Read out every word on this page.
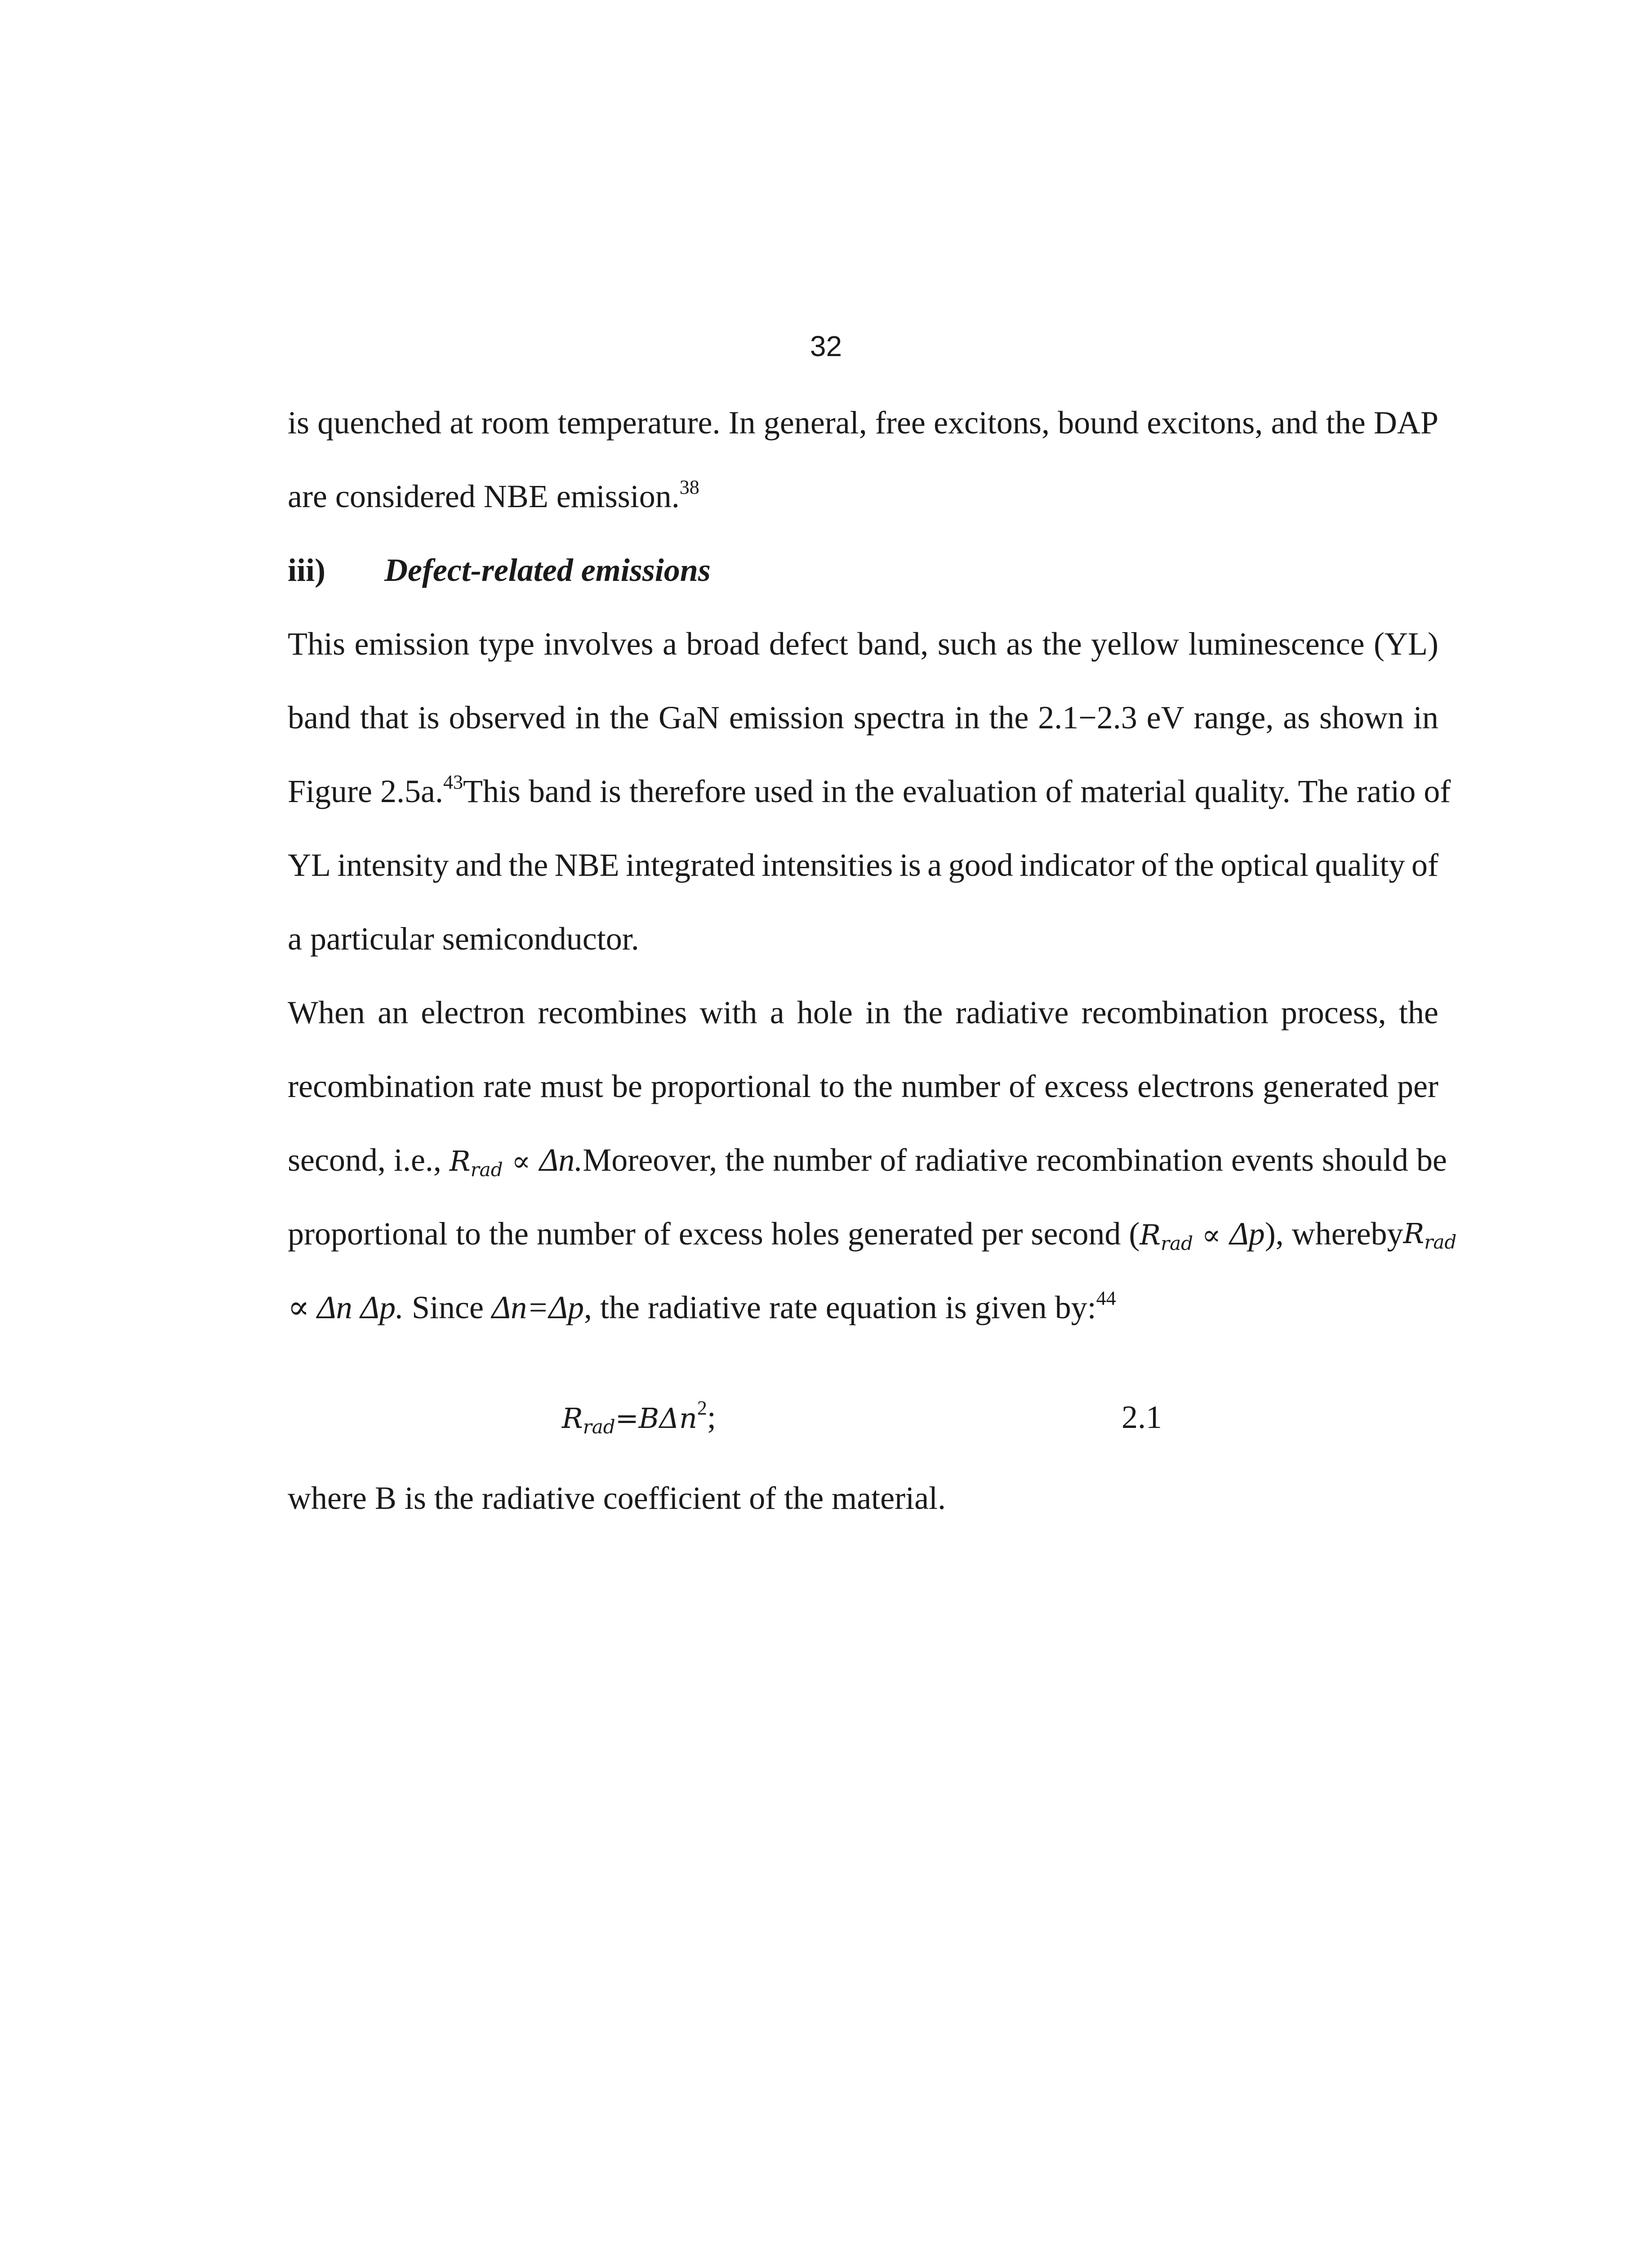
32
is quenched at room temperature. In general, free excitons, bound excitons, and the DAP
are considered NBE emission.$^{38}$
iii) Defect-related emissions
This emission type involves a broad defect band, such as the yellow luminescence (YL)
band that is observed in the GaN emission spectra in the 2.1−2.3 eV range, as shown in
Figure 2.5a.$^{43}$ This band is therefore used in the evaluation of material quality. The ratio of
YL intensity and the NBE integrated intensities is a good indicator of the optical quality of
a particular semiconductor.
When an electron recombines with a hole in the radiative recombination process, the
recombination rate must be proportional to the number of excess electrons generated per
second, i.e., $R_{rad} \propto \Delta n$. Moreover, the number of radiative recombination events should be
proportional to the number of excess holes generated per second $(R_{rad} \propto \Delta p)$, whereby $R_{rad}$
∝ Δn Δp. Since Δn=Δp, the radiative rate equation is given by:$^{44}$
$R_{rad}=B\Delta n^2$;	2.1
where B is the radiative coefficient of the material.
